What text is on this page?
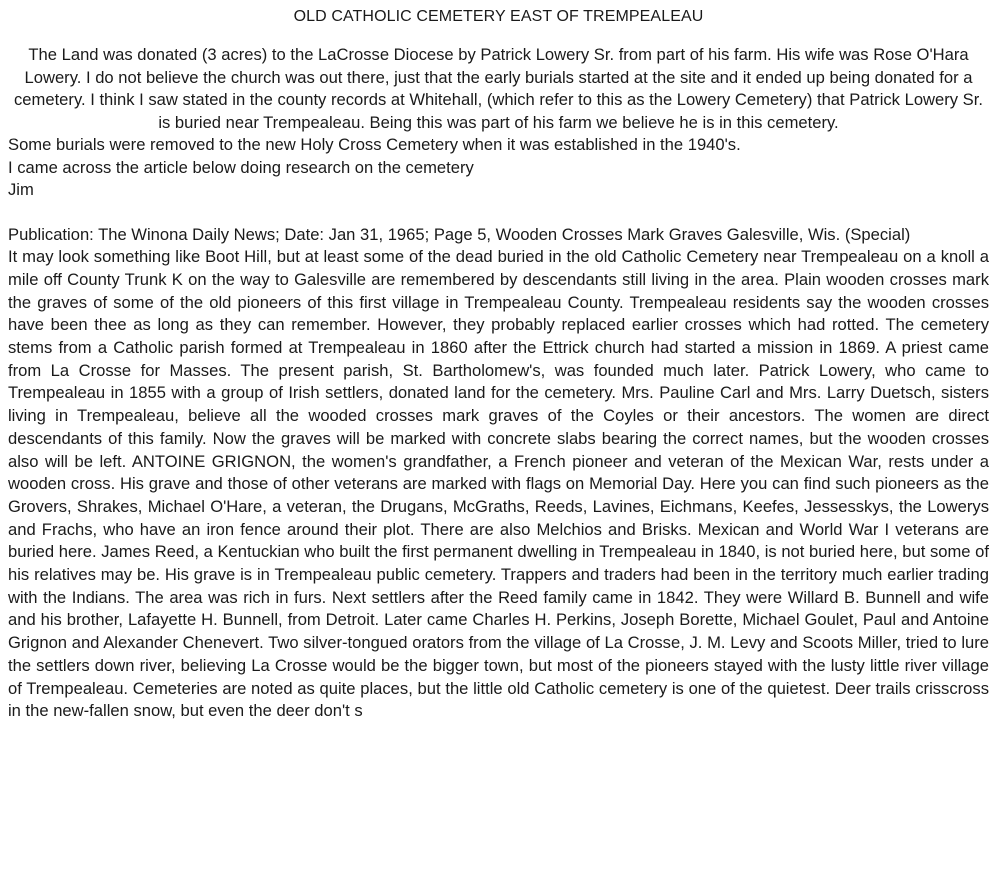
OLD CATHOLIC CEMETERY EAST OF TREMPEALEAU

The Land was donated (3 acres) to the LaCrosse Diocese by Patrick Lowery Sr. from part of his farm. His wife was Rose O'Hara Lowery. I do not believe the church was out there, just that the early burials started at the site and it ended up being donated for a cemetery. I think I saw stated in the county records at Whitehall, (which refer to this as the Lowery Cemetery) that Patrick Lowery Sr. is buried near Trempealeau. Being this was part of his farm we believe he is in this cemetery.

Some burials were removed to the new Holy Cross Cemetery when it was established in the 1940's.

I came across the article below doing research on the cemetery

Jim

Publication: The Winona Daily News; Date: Jan 31, 1965; Page 5, Wooden Crosses Mark Graves Galesville, Wis. (Special)

It may look something like Boot Hill, but at least some of the dead buried in the old Catholic Cemetery near Trempealeau on a knoll a mile off County Trunk K on the way to Galesville are remembered by descendants still living in the area. Plain wooden crosses mark the graves of some of the old pioneers of this first village in Trempealeau County. Trempealeau residents say the wooden crosses have been thee as long as they can remember. However, they probably replaced earlier crosses which had rotted. The cemetery stems from a Catholic parish formed at Trempealeau in 1860 after the Ettrick church had started a mission in 1869. A priest came from La Crosse for Masses. The present parish, St. Bartholomew's, was founded much later. Patrick Lowery, who came to Trempealeau in 1855 with a group of Irish settlers, donated land for the cemetery. Mrs. Pauline Carl and Mrs. Larry Duetsch, sisters living in Trempealeau, believe all the wooded crosses mark graves of the Coyles or their ancestors. The women are direct descendants of this family. Now the graves will be marked with concrete slabs bearing the correct names, but the wooden crosses also will be left. ANTOINE GRIGNON, the women's grandfather, a French pioneer and veteran of the Mexican War, rests under a wooden cross. His grave and those of other veterans are marked with flags on Memorial Day. Here you can find such pioneers as the Grovers, Shrakes, Michael O'Hare, a veteran, the Drugans, McGraths, Reeds, Lavines, Eichmans, Keefes, Jessesskys, the Lowerys and Frachs, who have an iron fence around their plot. There are also Melchios and Brisks. Mexican and World War I veterans are buried here. James Reed, a Kentuckian who built the first permanent dwelling in Trempealeau in 1840, is not buried here, but some of his relatives may be. His grave is in Trempealeau public cemetery. Trappers and traders had been in the territory much earlier trading with the Indians. The area was rich in furs. Next settlers after the Reed family came in 1842. They were Willard B. Bunnell and wife and his brother, Lafayette H. Bunnell, from Detroit. Later came Charles H. Perkins, Joseph Borette, Michael Goulet, Paul and Antoine Grignon and Alexander Chenevert. Two silver-tongued orators from the village of La Crosse, J. M. Levy and Scoots Miller, tried to lure the settlers down river, believing La Crosse would be the bigger town, but most of the pioneers stayed with the lusty little river village of Trempealeau. Cemeteries are noted as quite places, but the little old Catholic cemetery is one of the quietest. Deer trails crisscross in the new-fallen snow, but even the deer don't s
